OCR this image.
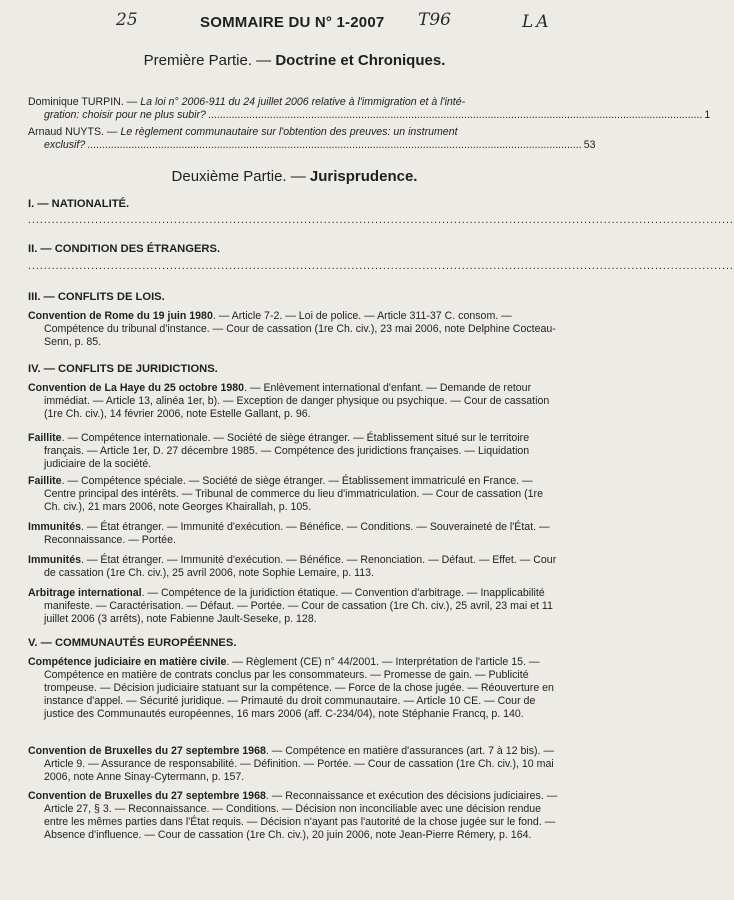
25	T96	LA
SOMMAIRE DU N° 1-2007
Première Partie. — Doctrine et Chroniques.
Dominique TURPIN. — La loi n° 2006-911 du 24 juillet 2006 relative à l'immigration et à l'inté-
gration: choisir pour ne plus subir? ........................................................................................................................................................................ 1
Arnaud NUYTS. — Le règlement communautaire sur l'obtention des preuves: un instrument
exclusif? ........................................................................................................................................................................ 53
Deuxième Partie. — Jurisprudence.
I. — NATIONALITÉ.
...................................................................................................................................................................................
II. — CONDITION DES ÉTRANGERS.
...................................................................................................................................................................................
III. — CONFLITS DE LOIS.
Convention de Rome du 19 juin 1980. — Article 7-2. — Loi de police. — Article 311-37 C. consom. — Compétence du tribunal d'instance. — Cour de cassation (1re Ch. civ.), 23 mai 2006, note Delphine Cocteau-Senn, p. 85.
IV. — CONFLITS DE JURIDICTIONS.
Convention de La Haye du 25 octobre 1980. — Enlèvement international d'enfant. — Demande de retour immédiat. — Article 13, alinéa 1er, b). — Exception de danger physique ou psychique. — Cour de cassation (1re Ch. civ.), 14 février 2006, note Estelle Gallant, p. 96.
Faillite. — Compétence internationale. — Société de siège étranger. — Établissement situé sur le territoire français. — Article 1er, D. 27 décembre 1985. — Compétence des juridictions françaises. — Liquidation judiciaire de la société.
Faillite. — Compétence spéciale. — Société de siège étranger. — Établissement immatriculé en France. — Centre principal des intérêts. — Tribunal de commerce du lieu d'immatriculation. — Cour de cassation (1re Ch. civ.), 21 mars 2006, note Georges Khairallah, p. 105.
Immunités. — État étranger. — Immunité d'exécution. — Bénéfice. — Conditions. — Souveraineté de l'État. — Reconnaissance. — Portée.
Immunités. — État étranger. — Immunité d'exécution. — Bénéfice. — Renonciation. — Défaut. — Effet. — Cour de cassation (1re Ch. civ.), 25 avril 2006, note Sophie Lemaire, p. 113.
Arbitrage international. — Compétence de la juridiction étatique. — Convention d'arbitrage. — Inapplicabilité manifeste. — Caractérisation. — Défaut. — Portée. — Cour de cassation (1re Ch. civ.), 25 avril, 23 mai et 11 juillet 2006 (3 arrêts), note Fabienne Jault-Seseke, p. 128.
V. — COMMUNAUTÉS EUROPÉENNES.
Compétence judiciaire en matière civile. — Règlement (CE) n° 44/2001. — Interprétation de l'article 15. — Compétence en matière de contrats conclus par les consommateurs. — Promesse de gain. — Publicité trompeuse. — Décision judiciaire statuant sur la compétence. — Force de la chose jugée. — Réouverture en instance d'appel. — Sécurité juridique. — Primauté du droit communautaire. — Article 10 CE. — Cour de justice des Communautés européennes, 16 mars 2006 (aff. C-234/04), note Stéphanie Francq, p. 140.
Convention de Bruxelles du 27 septembre 1968. — Compétence en matière d'assurances (art. 7 à 12 bis). — Article 9. — Assurance de responsabilité. — Définition. — Portée. — Cour de cassation (1re Ch. civ.), 10 mai 2006, note Anne Sinay-Cytermann, p. 157.
Convention de Bruxelles du 27 septembre 1968. — Reconnaissance et exécution des décisions judiciaires. — Article 27, § 3. — Reconnaissance. — Conditions. — Décision non inconciliable avec une décision rendue entre les mêmes parties dans l'État requis. — Décision n'ayant pas l'autorité de la chose jugée sur le fond. — Absence d'influence. — Cour de cassation (1re Ch. civ.), 20 juin 2006, note Jean-Pierre Rémery, p. 164.
